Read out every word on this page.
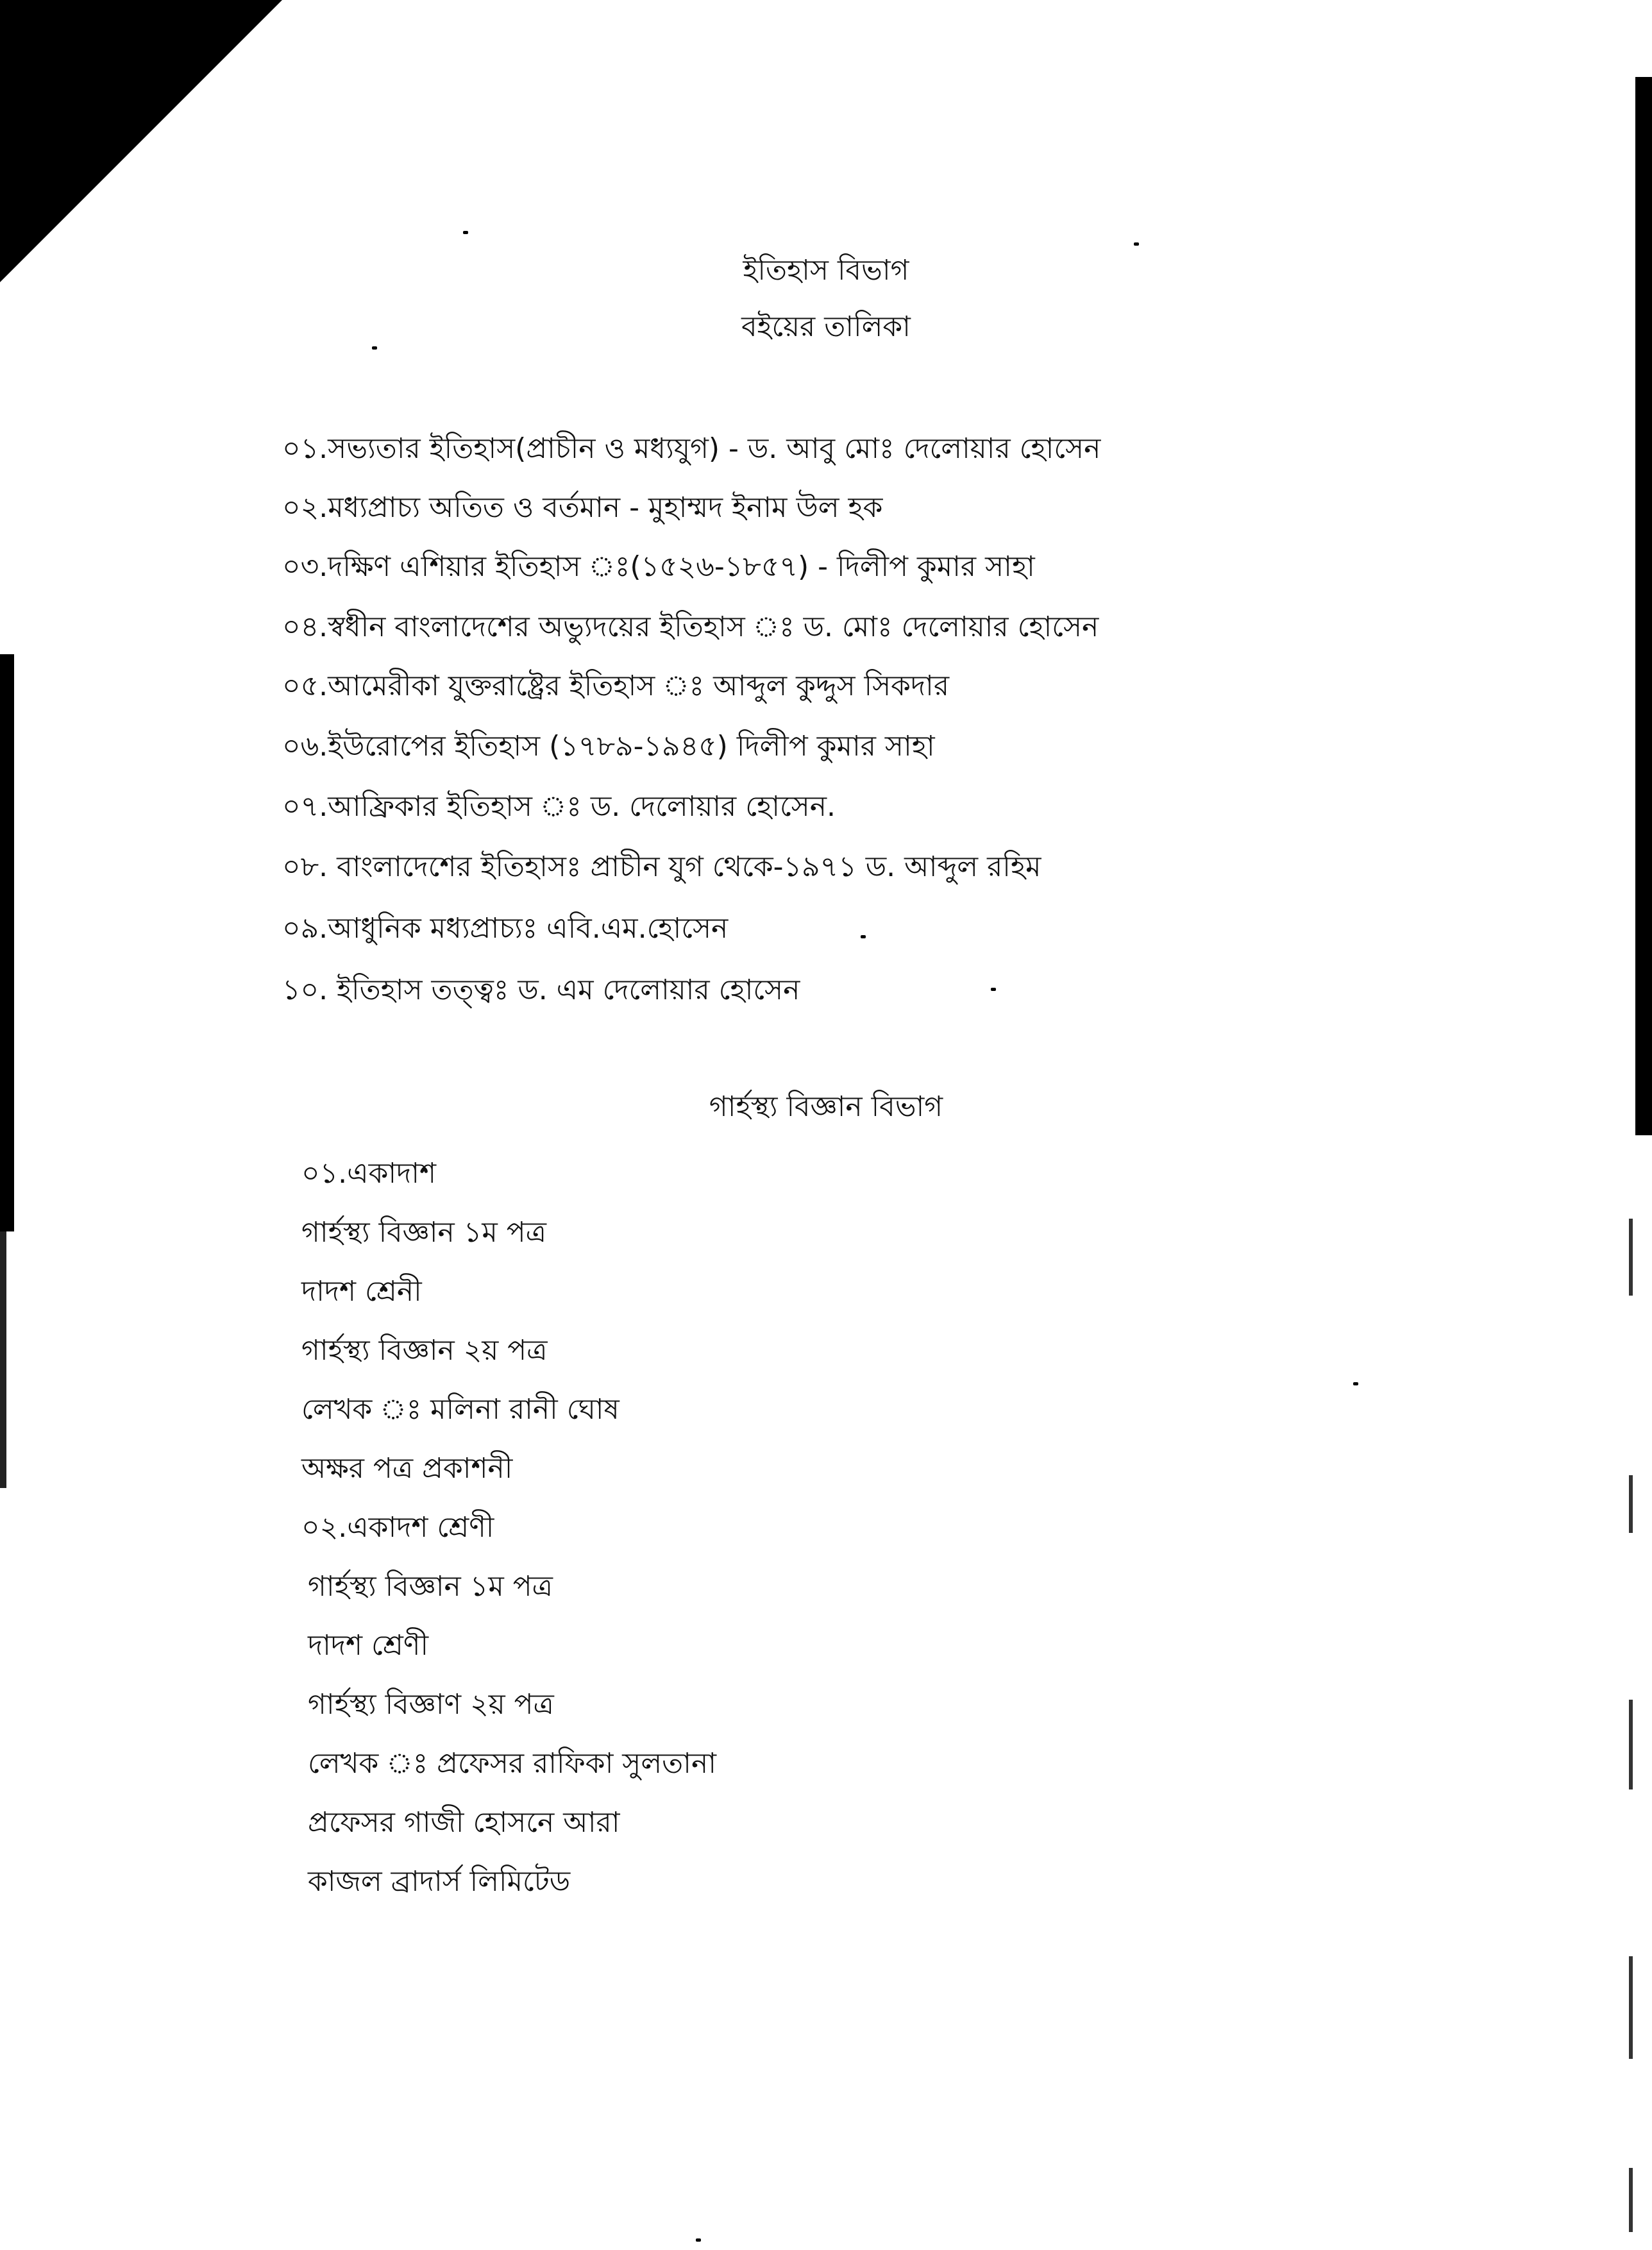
ইতিহাস বিভাগ
বইয়ের তালিকা
০১.সভ্যতার ইতিহাস(প্রাচীন ও মধ্যযুগ) - ড. আবু মোঃ দেলোয়ার হোসেন
০২.মধ্যপ্রাচ্য অতিত ও বর্তমান - মুহাম্মদ ইনাম উল হক
০৩.দক্ষিণ এশিয়ার ইতিহাস ঃ(১৫২৬-১৮৫৭) - দিলীপ কুমার সাহা
০৪.স্বধীন বাংলাদেশের অভ্যুদয়ের ইতিহাস ঃ ড. মোঃ দেলোয়ার হোসেন
০৫.আমেরীকা যুক্তরাষ্ট্রের ইতিহাস ঃ আব্দুল কুদ্দুস সিকদার
০৬.ইউরোপের ইতিহাস (১৭৮৯-১৯৪৫) দিলীপ কুমার সাহা
০৭.আফ্রিকার ইতিহাস ঃ ড. দেলোয়ার হোসেন.
০৮. বাংলাদেশের ইতিহাসঃ প্রাচীন যুগ থেকে-১৯৭১ ড. আব্দুল রহিম
০৯.আধুনিক মধ্যপ্রাচ্যঃ এবি.এম.হোসেন
১০. ইতিহাস তত্ত্বঃ ড. এম দেলোয়ার হোসেন
গার্হস্থ্য বিজ্ঞান বিভাগ
০১.একাদাশ
গার্হস্থ্য বিজ্ঞান ১ম পত্র
দাদশ শ্রেনী
গার্হস্থ্য বিজ্ঞান ২য় পত্র
লেখক ঃ মলিনা রানী ঘোষ
অক্ষর পত্র প্রকাশনী
০২.একাদশ শ্রেণী
গার্হস্থ্য বিজ্ঞান ১ম পত্র
দাদশ শ্রেণী
গার্হস্থ্য বিজ্ঞাণ ২য় পত্র
লেখক ঃ প্রফেসর রাফিকা সুলতানা
প্রফেসর গাজী হোসনে আরা
কাজল ব্রাদার্স লিমিটেড
